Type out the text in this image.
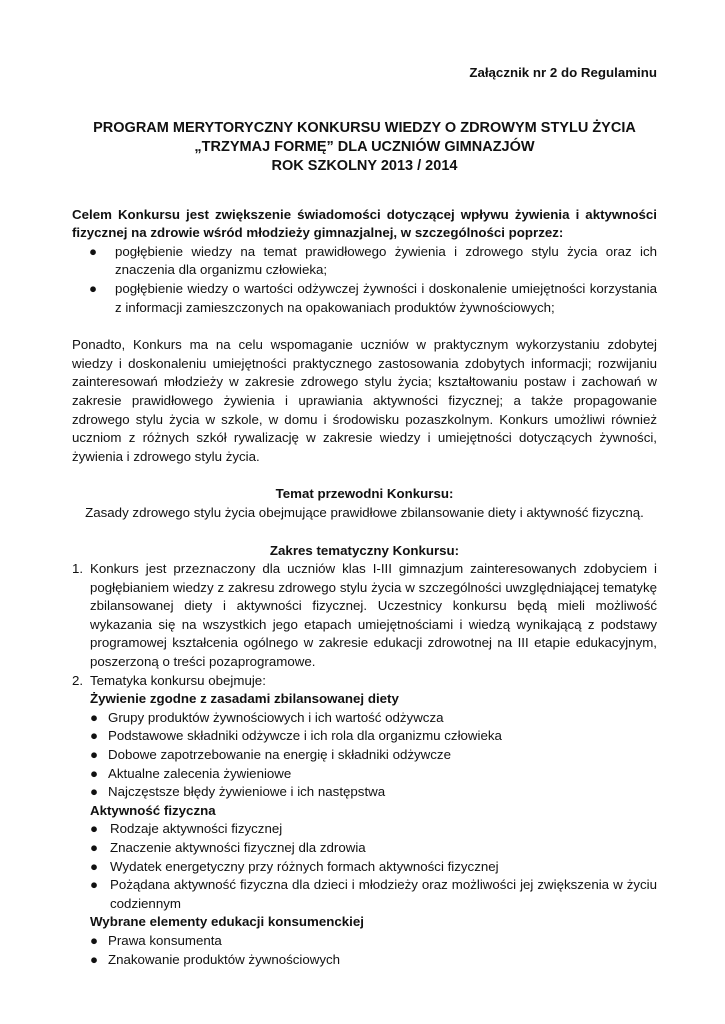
Załącznik nr 2 do Regulaminu
PROGRAM MERYTORYCZNY KONKURSU WIEDZY O ZDROWYM STYLU ŻYCIA
„TRZYMAJ FORMĘ” DLA UCZNIÓW GIMNAZJÓW
ROK SZKOLNY 2013 / 2014

Celem Konkursu jest zwiększenie świadomości dotyczącej wpływu żywienia i aktywności fizycznej na zdrowie wśród młodzieży gimnazjalnej, w szczególności poprzez:

● pogłębienie wiedzy na temat prawidłowego żywienia i zdrowego stylu życia oraz ich znaczenia dla organizmu człowieka;
● pogłębienie wiedzy o wartości odżywczej żywności i doskonalenie umiejętności korzystania z informacji zamieszczonych na opakowaniach produktów żywnościowych;

Ponadto, Konkurs ma na celu wspomaganie uczniów w praktycznym wykorzystaniu zdobytej wiedzy i doskonaleniu umiejętności praktycznego zastosowania zdobytych informacji; rozwijaniu zainteresowań młodzieży w zakresie zdrowego stylu życia; kształtowaniu postaw i zachowań w zakresie prawidłowego żywienia i uprawiania aktywności fizycznej; a także propagowanie zdrowego stylu życia w szkole, w domu i środowisku pozaszkolnym. Konkurs umożliwi również uczniom z różnych szkół rywalizację w zakresie wiedzy i umiejętności dotyczących żywności, żywienia i zdrowego stylu życia.

Temat przewodni Konkursu:
Zasady zdrowego stylu życia obejmujące prawidłowe zbilansowanie diety i aktywność fizyczną.
Zakres tematyczny Konkursu:
1. Konkurs jest przeznaczony dla uczniów klas I-III gimnazjum zainteresowanych zdobyciem i pogłębianiem wiedzy z zakresu zdrowego stylu życia w szczególności uwzględniającej tematykę zbilansowanej diety i aktywności fizycznej. Uczestnicy konkursu będą mieli możliwość wykazania się na wszystkich jego etapach umiejętnościami i wiedzą wynikającą z podstawy programowej kształcenia ogólnego w zakresie edukacji zdrowotnej na III etapie edukacyjnym, poszerzoną o treści pozaprogramowe.
2. Tematyka konkursu obejmuje:
Żywienie zgodne z zasadami zbilansowanej diety
● Grupy produktów żywnościowych i ich wartość odżywcza
● Podstawowe składniki odżywcze i ich rola dla organizmu człowieka
● Dobowe zapotrzebowanie na energię i składniki odżywcze
● Aktualne zalecenia żywieniowe
● Najczęstsze błędy żywieniowe i ich następstwa
Aktywność fizyczna
● Rodzaje aktywności fizycznej
● Znaczenie aktywności fizycznej dla zdrowia
● Wydatek energetyczny przy różnych formach aktywności fizycznej
● Pożądana aktywność fizyczna dla dzieci i młodzieży oraz możliwości jej zwiększenia w życiu codziennym
Wybrane elementy edukacji konsumenckiej
● Prawa konsumenta
● Znakowanie produktów żywnościowych
